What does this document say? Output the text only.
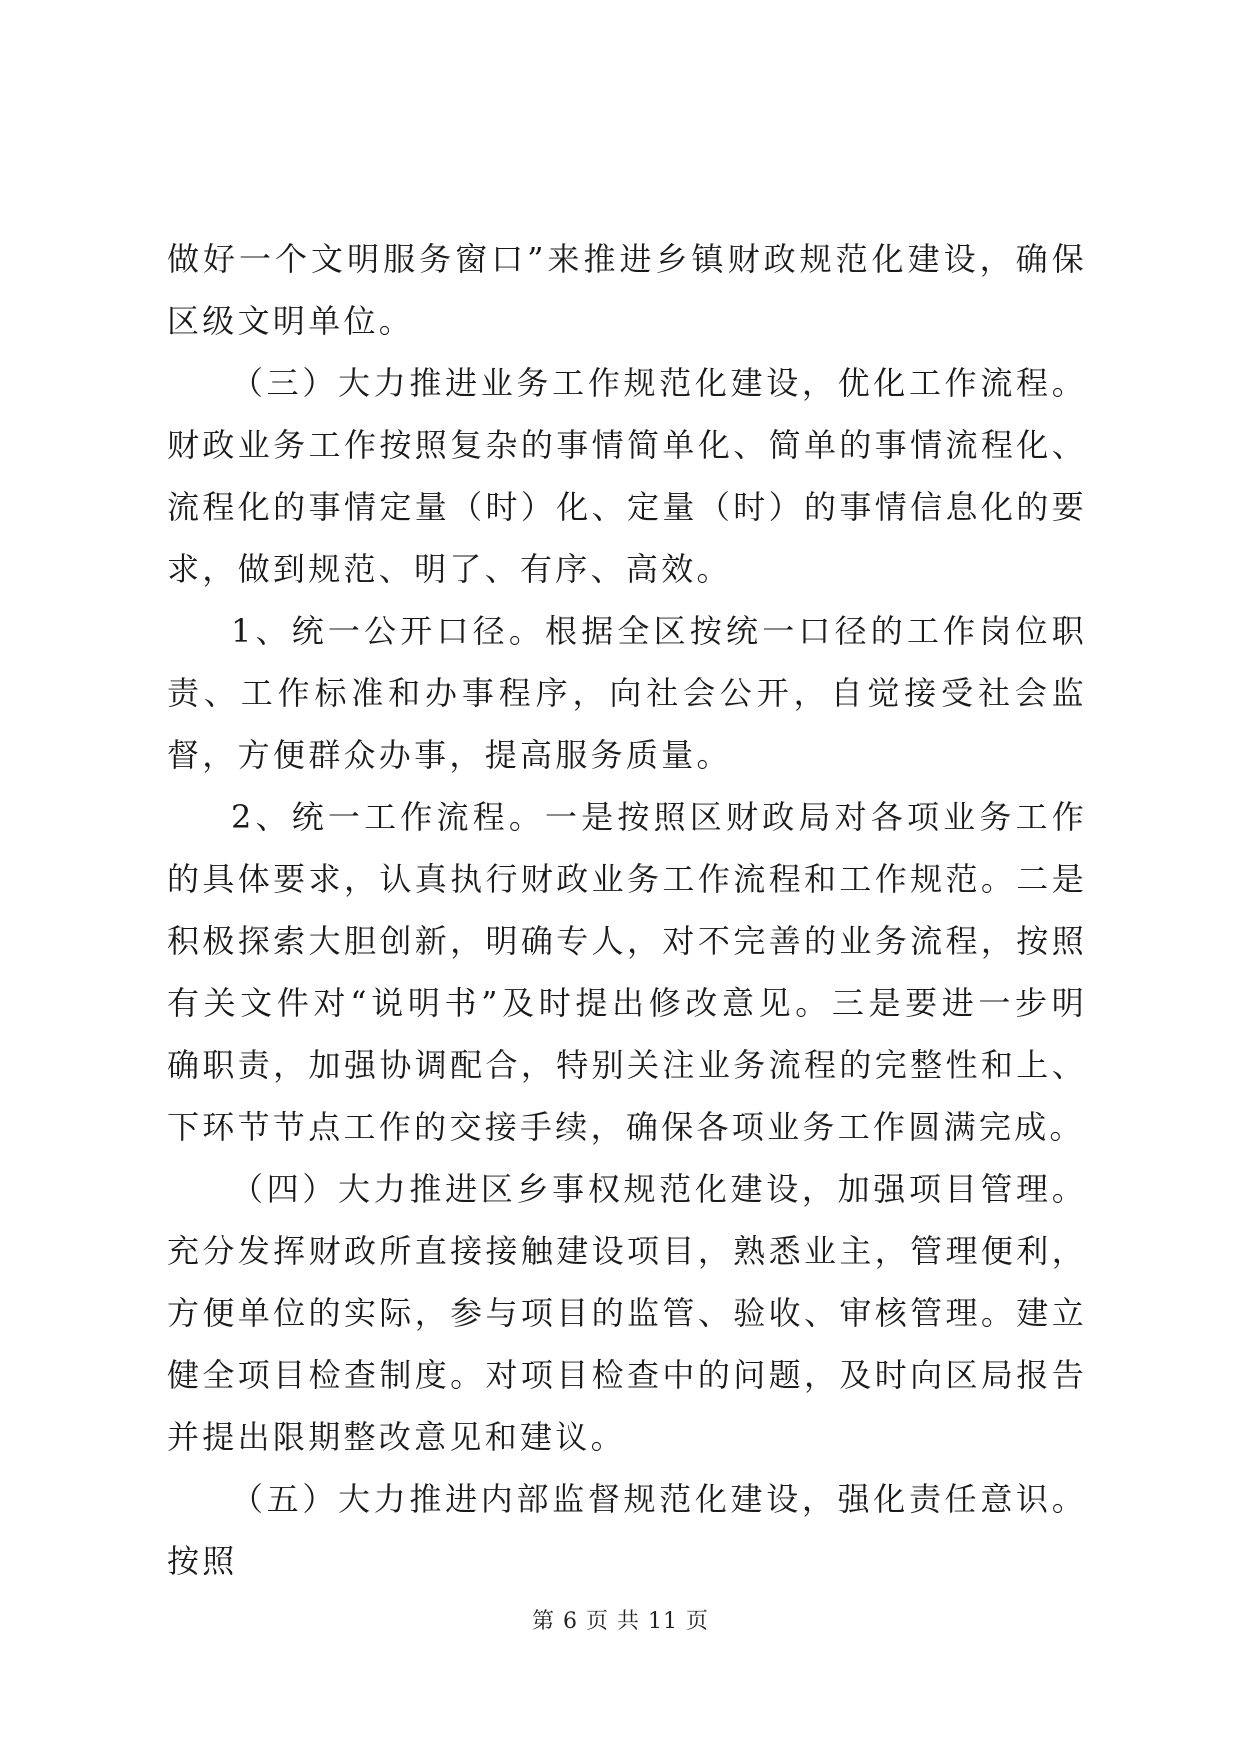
做好一个文明服务窗口”来推进乡镇财政规范化建设，确保区级文明单位。

（三）大力推进业务工作规范化建设，优化工作流程。财政业务工作按照复杂的事情简单化、简单的事情流程化、流程化的事情定量（时）化、定量（时）的事情信息化的要求，做到规范、明了、有序、高效。

1、统一公开口径。根据全区按统一口径的工作岗位职责、工作标准和办事程序，向社会公开，自觉接受社会监督，方便群众办事，提高服务质量。

2、统一工作流程。一是按照区财政局对各项业务工作的具体要求，认真执行财政业务工作流程和工作规范。二是积极探索大胆创新，明确专人，对不完善的业务流程，按照有关文件对“说明书”及时提出修改意见。三是要进一步明确职责，加强协调配合，特别关注业务流程的完整性和上、下环节节点工作的交接手续，确保各项业务工作圆满完成。

（四）大力推进区乡事权规范化建设，加强项目管理。充分发挥财政所直接接触建设项目，熟悉业主，管理便利，方便单位的实际，参与项目的监管、验收、审核管理。建立健全项目检查制度。对项目检查中的问题，及时向区局报告并提出限期整改意见和建议。

（五）大力推进内部监督规范化建设，强化责任意识。按照

第 6 页 共 11 页
